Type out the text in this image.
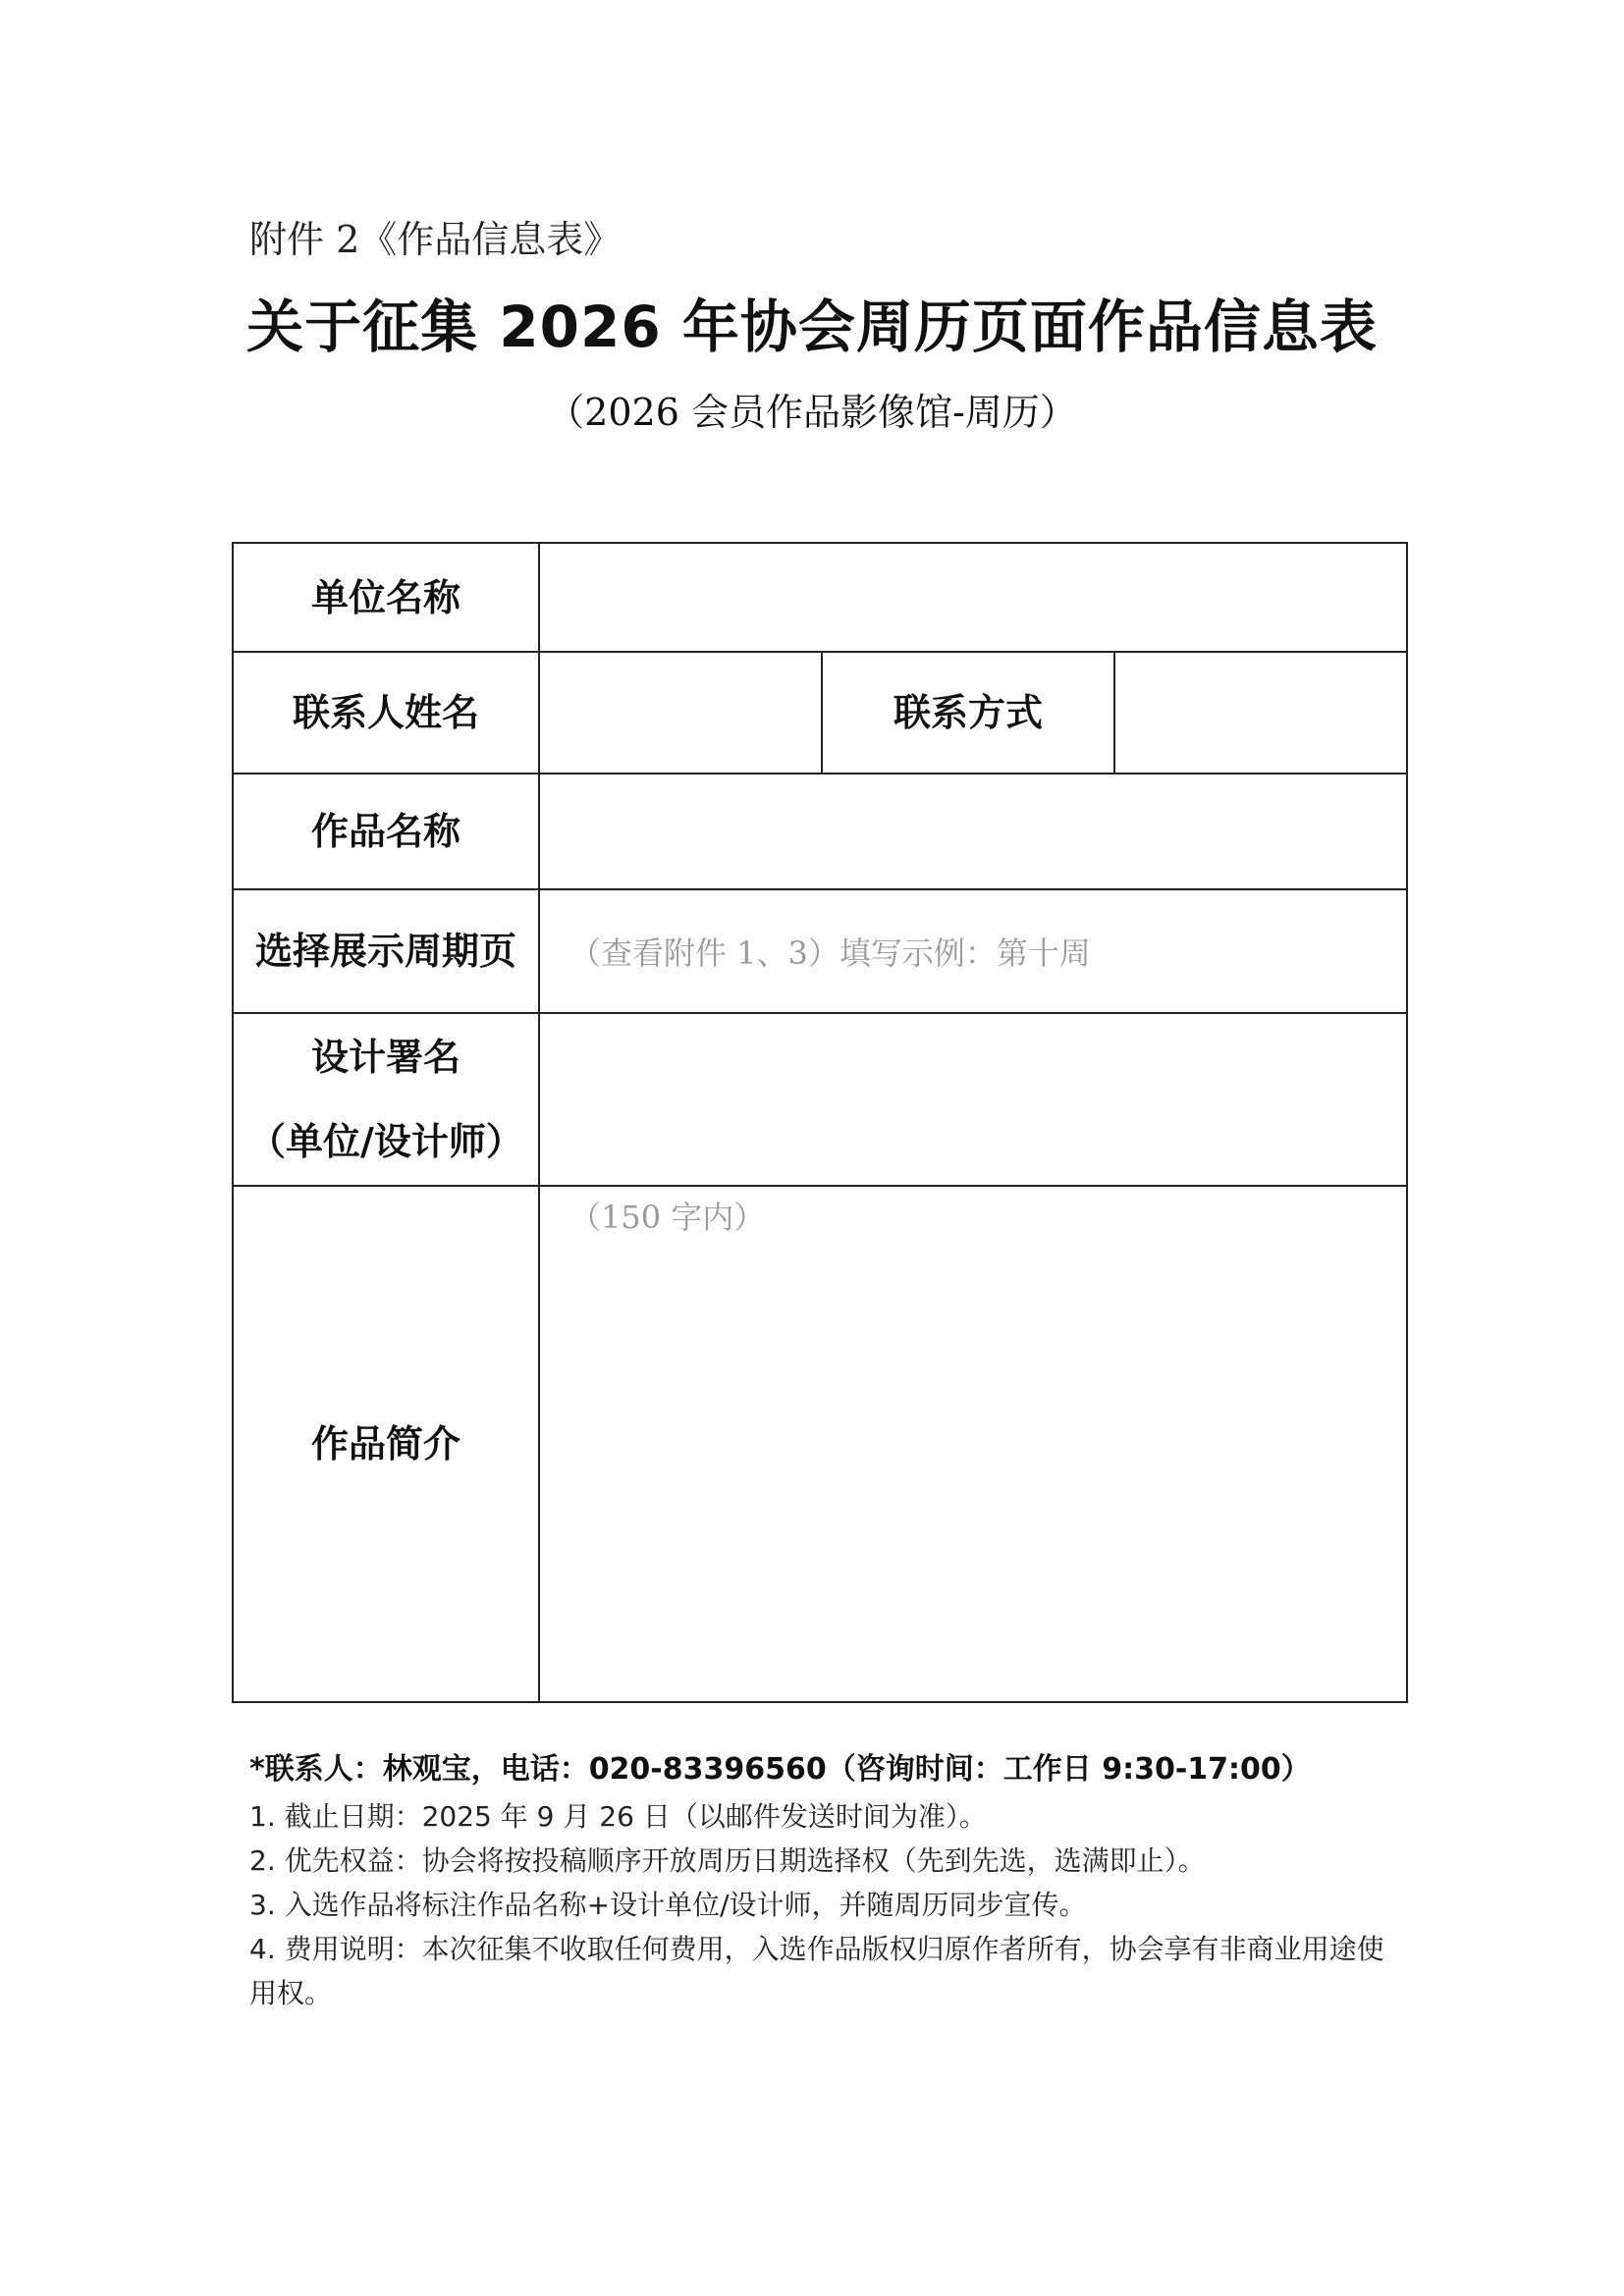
附件 2《作品信息表》
关于征集 2026 年协会周历页面作品信息表
（2026 会员作品影像馆-周历）
单位名称			
联系人姓名		联系方式	
作品名称			
选择展示周期页	（查看附件 1、3）填写示例：第十周		

设计署名
（单位/设计师）			

作品简介	（150 字内）		
*联系人：林观宝，电话：020-83396560（咨询时间：工作日 9:30-17:00）
1. 截止日期：2025 年 9 月 26 日（以邮件发送时间为准）。
2. 优先权益：协会将按投稿顺序开放周历日期选择权（先到先选，选满即止）。
3. 入选作品将标注作品名称+设计单位/设计师，并随周历同步宣传。
4. 费用说明：本次征集不收取任何费用，入选作品版权归原作者所有，协会享有非商业用途使用权。
